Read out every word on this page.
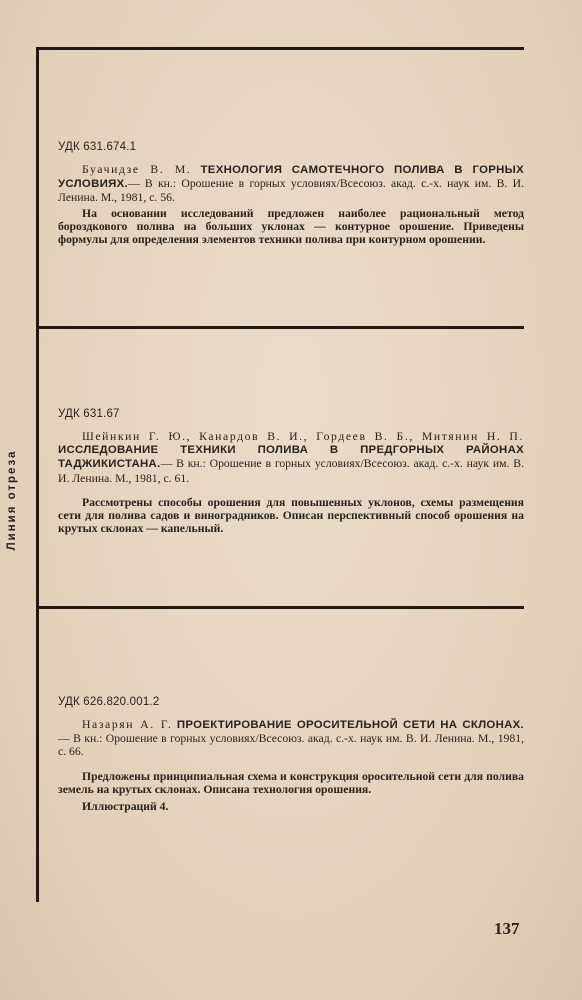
Линия отреза
УДК 631.674.1

Буачидзе В. М. ТЕХНОЛОГИЯ САМОТЕЧНОГО ПОЛИВА В ГОРНЫХ УСЛОВИЯХ.— В кн.: Орошение в горных условиях/Всесоюз. акад. с.-х. наук им. В. И. Ленина. М., 1981, с. 56.

На основании исследований предложен наиболее рациональный метод бороздкового полива на больших уклонах — контурное орошение. Приведены формулы для определения элементов техники полива при контурном орошении.

УДК 631.67

Шейнкин Г. Ю., Канардов В. И., Гордеев В. Б., Митянин Н. П. ИССЛЕДОВАНИЕ ТЕХНИКИ ПОЛИВА В ПРЕДГОРНЫХ РАЙОНАХ ТАДЖИКИСТАНА.— В кн.: Орошение в горных условиях/Всесоюз. акад. с.-х. наук им. В. И. Ленина. М., 1981, с. 61.

Рассмотрены способы орошения для повышенных уклонов, схемы размещения сети для полива садов и виноградников. Описан перспективный способ орошения на крутых склонах — капельный.

УДК 626.820.001.2

Назарян А. Г. ПРОЕКТИРОВАНИЕ ОРОСИТЕЛЬНОЙ СЕТИ НА СКЛОНАХ.— В кн.: Орошение в горных условиях/Всесоюз. акад. с.-х. наук им. В. И. Ленина. М., 1981, с. 66.

Предложены принципиальная схема и конструкция оросительной сети для полива земель на крутых склонах. Описана технология орошения.

Иллюстраций 4.
137
